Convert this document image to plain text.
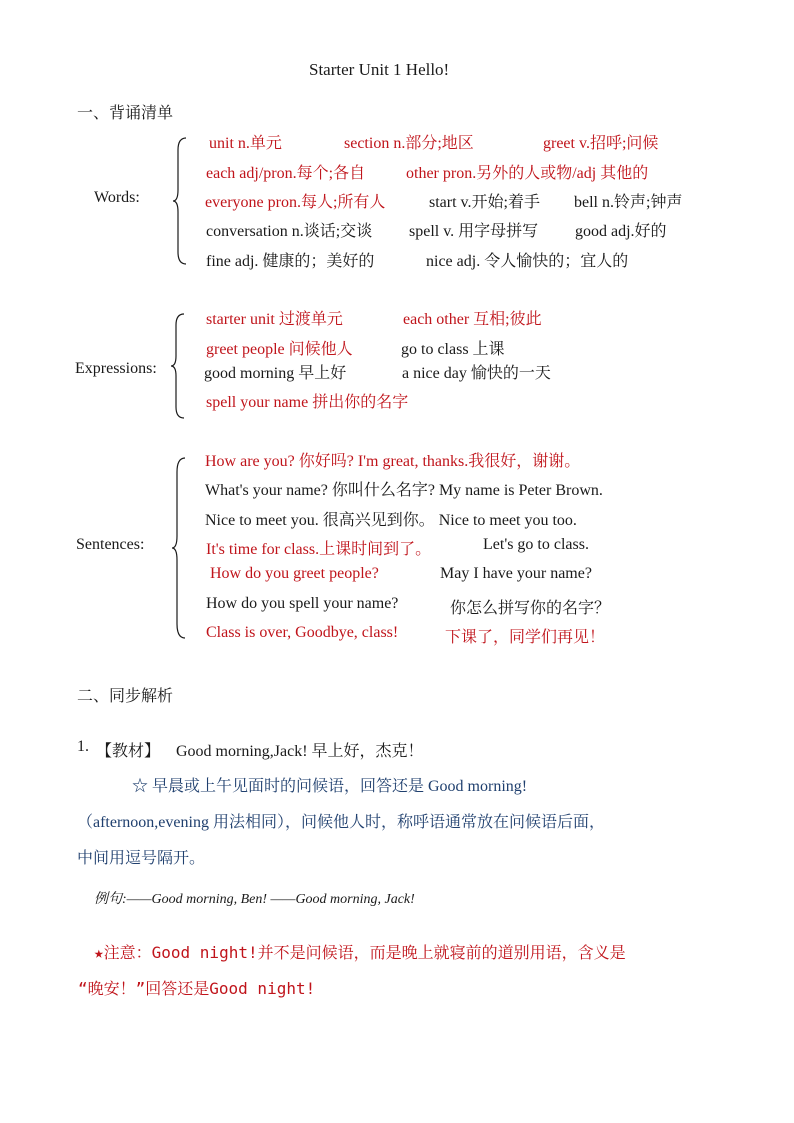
Starter Unit 1 Hello!
一、背诵清单
Words:
unit n.单元	section n.部分;地区	greet v.招呼;问候
each adj/pron.每个;各自	other pron.另外的人或物/adj 其他的
everyone pron.每人;所有人	start v.开始;着手 bell n.铃声;钟声
conversation n.谈话;交谈 spell v. 用字母拼写 good adj.好的
fine adj. 健康的；美好的	nice adj. 令人愉快的；宜人的
Expressions:
starter unit 过渡单元	each other 互相;彼此
greet people 问候他人	go to class 上课
good morning 早上好	a nice day 愉快的一天
spell your name 拼出你的名字
Sentences:
How are you? 你好吗? I'm great, thanks.我很好，谢谢。
What's your name? 你叫什么名字? My name is Peter Brown.
Nice to meet you. 很高兴见到你。 Nice to meet you too.
It's time for class.上课时间到了。	Let's go to class.
How do you greet people?	May I have your name?
How do you spell your name?	你怎么拼写你的名字？
Class is over, Goodbye, class!	下课了，同学们再见！
二、同步解析
1. 【教材】 Good morning,Jack! 早上好，杰克！
☆ 早晨或上午见面时的问候语，回答还是 Good morning!
（afternoon,evening 用法相同），问候他人时，称呼语通常放在问候语后面，
中间用逗号隔开。
例句:——Good morning, Ben! ——Good morning, Jack!
★注意：Good night!并不是问候语，而是晚上就寝前的道别用语，含义是
“晚安！”回答还是Good night!
